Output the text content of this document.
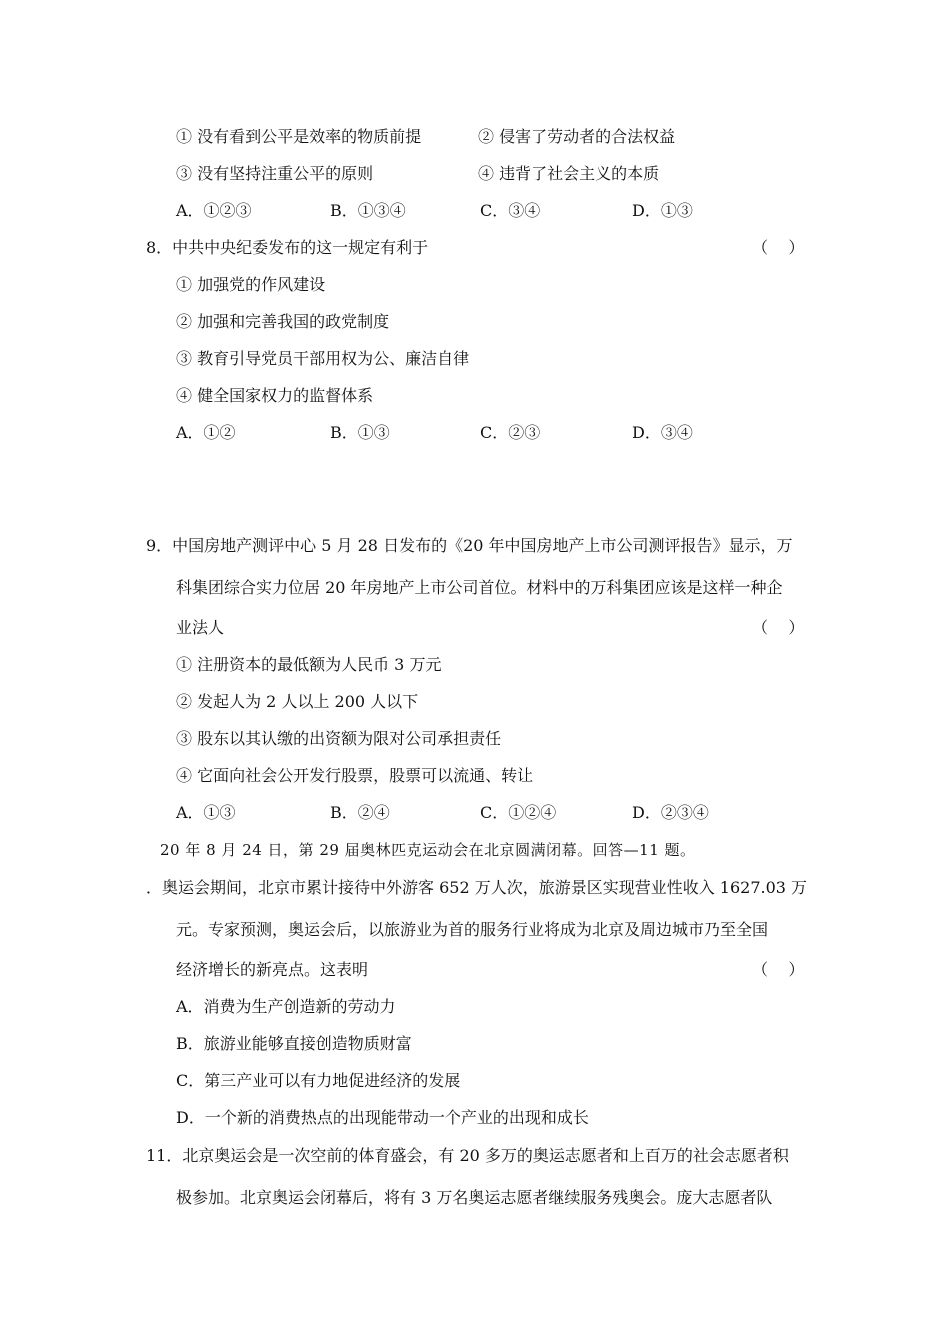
① 没有看到公平是效率的物质前提	② 侵害了劳动者的合法权益
③ 没有坚持注重公平的原则	④ 违背了社会主义的本质
A．①②③	B．①③④	C．③④	D．①③
8．中共中央纪委发布的这一规定有利于	（    ）
① 加强党的作风建设
② 加强和完善我国的政党制度
③ 教育引导党员干部用权为公、廉洁自律
④ 健全国家权力的监督体系
A．①②	B．①③	C．②③	D．③④
9．中国房地产测评中心 5 月 28 日发布的《20 年中国房地产上市公司测评报告》显示，万
科集团综合实力位居 20 年房地产上市公司首位。材料中的万科集团应该是这样一种企
业法人	（    ）
① 注册资本的最低额为人民币 3 万元
② 发起人为 2 人以上 200 人以下
③ 股东以其认缴的出资额为限对公司承担责任
④ 它面向社会公开发行股票，股票可以流通、转让
A．①③	B．②④	C．①②④	D．②③④
20 年 8 月 24 日，第 29 届奥林匹克运动会在北京圆满闭幕。回答—11 题。
．奥运会期间，北京市累计接待中外游客 652 万人次，旅游景区实现营业性收入 1627.03 万
元。专家预测，奥运会后，以旅游业为首的服务行业将成为北京及周边城市乃至全国
经济增长的新亮点。这表明	（    ）
A．消费为生产创造新的劳动力
B．旅游业能够直接创造物质财富
C．第三产业可以有力地促进经济的发展
D．一个新的消费热点的出现能带动一个产业的出现和成长
11．北京奥运会是一次空前的体育盛会，有 20 多万的奥运志愿者和上百万的社会志愿者积
极参加。北京奥运会闭幕后，将有 3 万名奥运志愿者继续服务残奥会。庞大志愿者队
